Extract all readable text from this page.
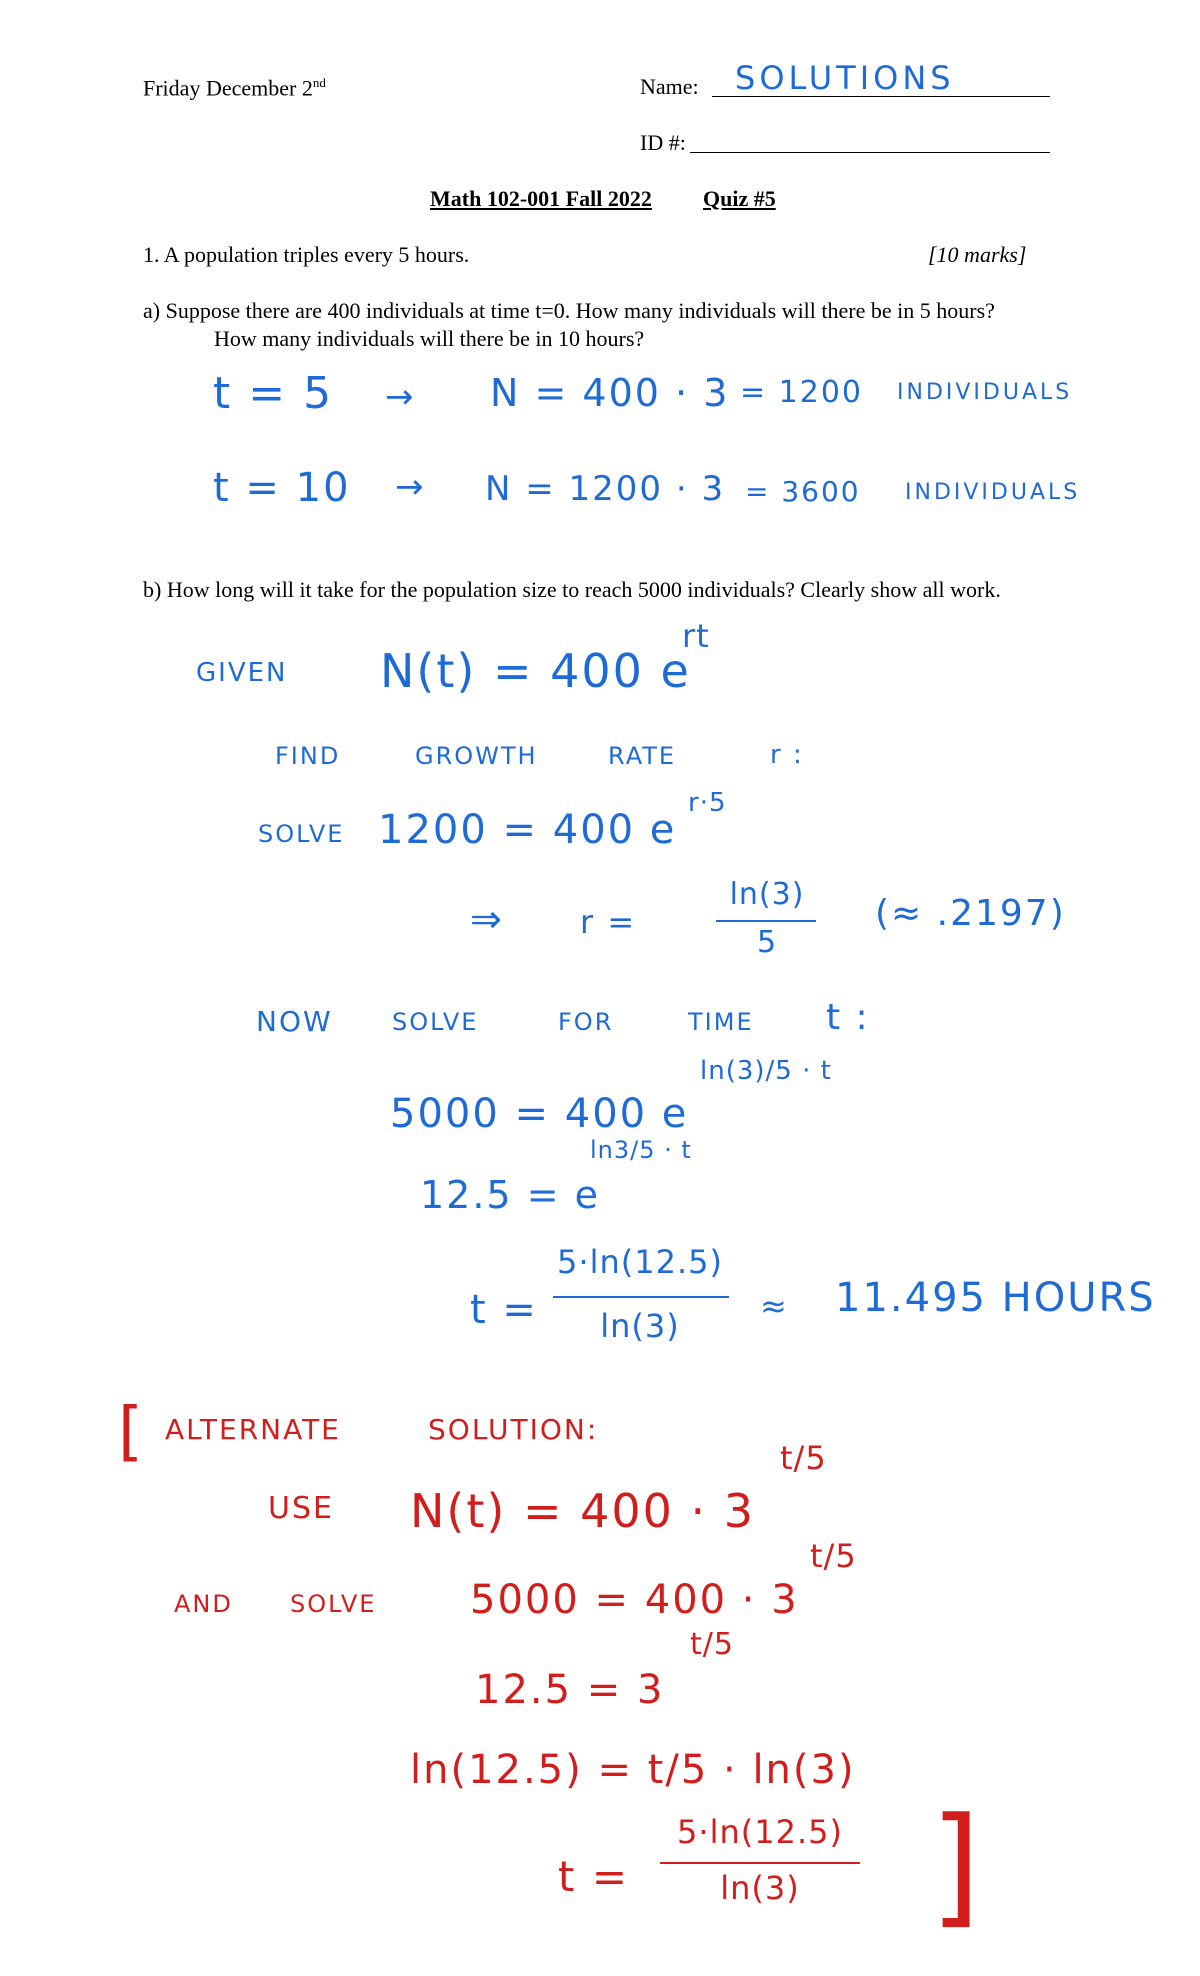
Friday December 2nd	Name: SOLUTIONS
ID #:
Math 102-001 Fall 2022 Quiz #5
1. A population triples every 5 hours.	[10 marks]
a) Suppose there are 400 individuals at time t=0. How many individuals will there be in 5 hours?
How many individuals will there be in 10 hours?
t = 5 → N = 400 · 3 = 1200 INDIVIDUALS
t = 10 → N = 1200 · 3 = 3600 INDIVIDUALS
b) How long will it take for the population size to reach 5000 individuals? Clearly show all work.
GIVEN N(t) = 400 e
rt
FIND	GROWTH	RATE	r :
SOLVE 1200 = 400 e
r·5
⇒ r =
ln(3)
5
(≈ .2197)
NOW SOLVE	FOR	TIME t :
5000 = 400 e
ln(3)/5 · t
12.5 = e
ln3/5 · t
t =
5·ln(12.5)
ln(3)
≈ 11.495 HOURS
[ ALTERNATE	SOLUTION:
USE N(t) = 400 · 3
t/5
AND SOLVE 5000 = 400 · 3
t/5
12.5 = 3
t/5
ln(12.5) = t/5 · ln(3)
t =
5·ln(12.5)
ln(3)	]
